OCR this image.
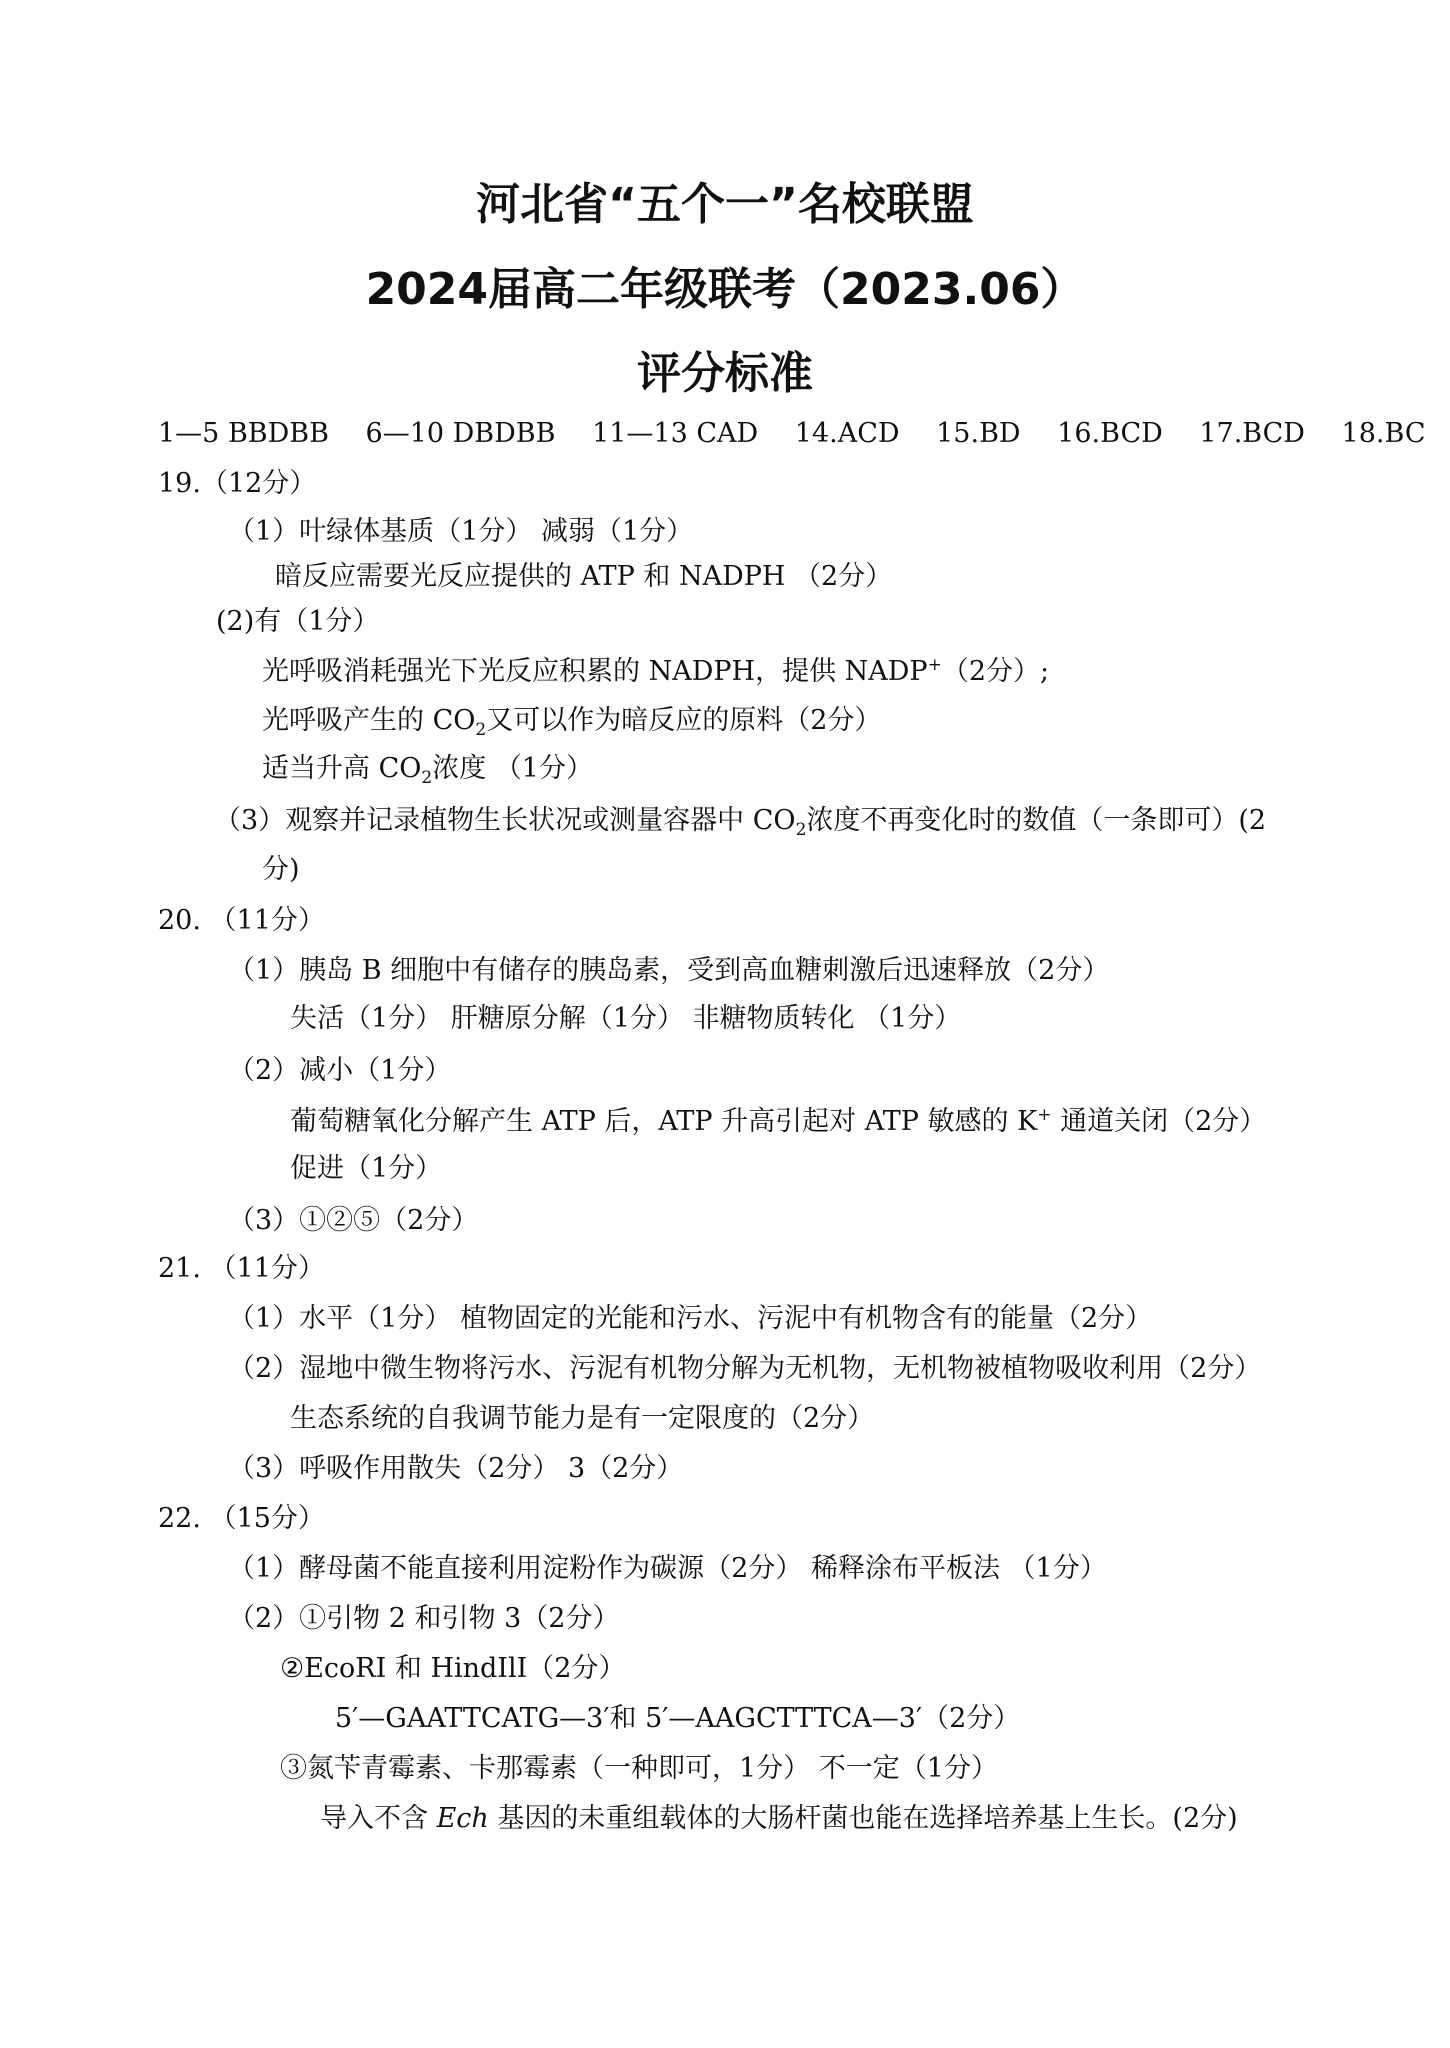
河北省“五个一”名校联盟
2024届高二年级联考（2023.06）
评分标准
1—5 BBDBB 6—10 DBDBB 11—13 CAD 14.ACD 15.BD 16.BCD 17.BCD 18.BC
19.（12分）
（1）叶绿体基质（1分） 减弱（1分）
暗反应需要光反应提供的 ATP 和 NADPH （2分）
(2)有（1分）
光呼吸消耗强光下光反应积累的 NADPH，提供 NADP+（2分）;
光呼吸产生的 $CO_2$又可以作为暗反应的原料（2分）
适当升高 $CO_2$浓度 （1分）
（3）观察并记录植物生长状况或测量容器中 $CO_2$浓度不再变化时的数值（一条即可）(2
分)
20. （11分）
（1）胰岛 B 细胞中有储存的胰岛素，受到高血糖刺激后迅速释放（2分）
失活（1分） 肝糖原分解（1分） 非糖物质转化 （1分）
（2）减小（1分）
葡萄糖氧化分解产生 ATP 后，ATP 升高引起对 ATP 敏感的 K+ 通道关闭（2分）
促进（1分）
（3）①②⑤（2分）
21. （11分）
（1）水平（1分） 植物固定的光能和污水、污泥中有机物含有的能量（2分）
（2）湿地中微生物将污水、污泥有机物分解为无机物，无机物被植物吸收利用（2分）
生态系统的自我调节能力是有一定限度的（2分）
（3）呼吸作用散失（2分） 3（2分）
22. （15分）
（1）酵母菌不能直接利用淀粉作为碳源（2分） 稀释涂布平板法 （1分）
（2）①引物 2 和引物 3（2分）
②EcoRI 和 HindIlI（2分）
5′—GAATTCATG—3′和 5′—AAGCTTTCA—3′（2分）
③氮苄青霉素、卡那霉素（一种即可，1分） 不一定（1分）
导入不含 Ech 基因的未重组载体的大肠杆菌也能在选择培养基上生长。(2分)
